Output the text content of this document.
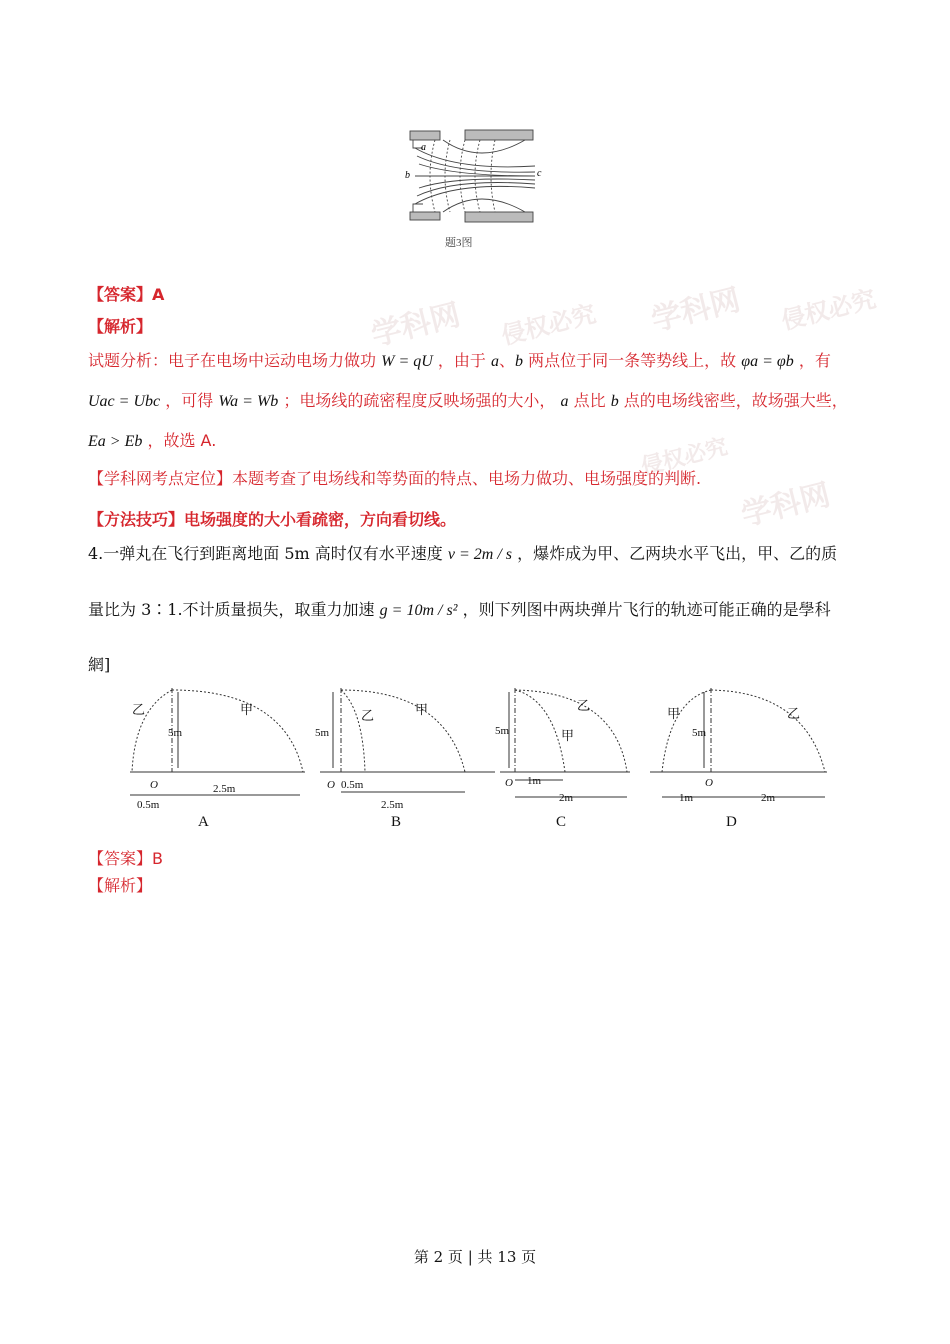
学科网 侵权必究 学科网 侵权必究
学科网
侵权必究
a
b	c
题3图
【答案】A
【解析】
试题分析：电子在电场中运动电场力做功 W = qU ，由于 a、b 两点位于同一条等势线上，故 φa = φb ，有
Uac = Ubc ，可得 Wa = Wb ；电场线的疏密程度反映场强的大小， a 点比 b 点的电场线密些，故场强大些，
Ea > Eb ，故选 A.
【学科网考点定位】本题考查了电场线和等势面的特点、电场力做功、电场强度的判断.
【方法技巧】电场强度的大小看疏密，方向看切线。
4.一弹丸在飞行到距离地面 5m 高时仅有水平速度 v = 2m / s ，爆炸成为甲、乙两块水平飞出，甲、乙的质
量比为 3∶1.不计质量损失，取重力加速 g = 10m / s² ，则下列图中两块弹片飞行的轨迹可能正确的是學科
網]
乙	甲
5m
O
0.5m
2.5m
A
乙	甲
5m
O 0.5m
2.5m
B
甲
乙
5m
O 1m
2m
C
甲	乙
5m
O
1m	2m
D
【答案】B
【解析】
第 2 页 | 共 13 页
